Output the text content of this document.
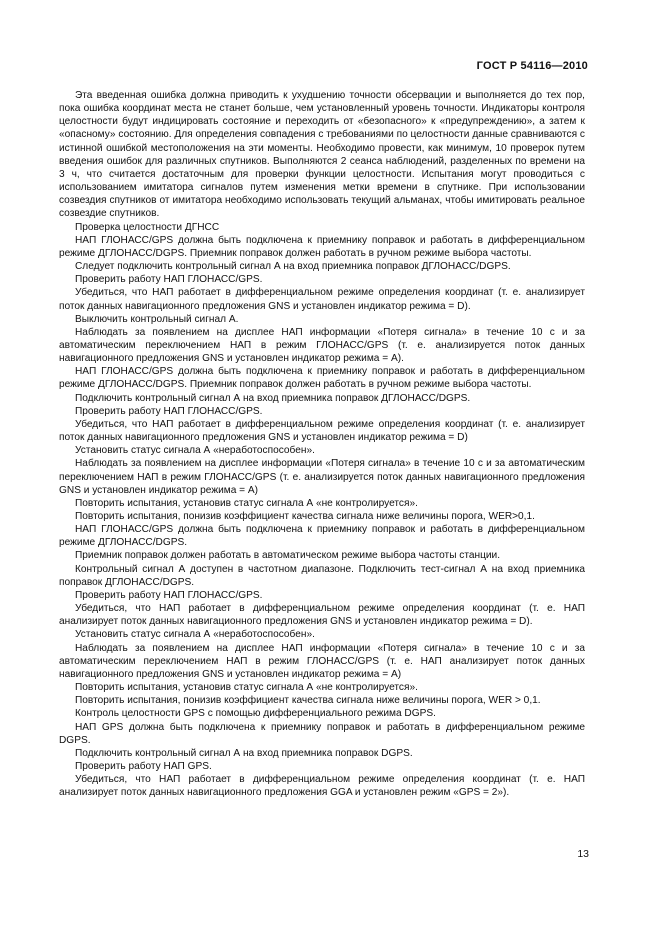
ГОСТ Р 54116—2010

Эта введенная ошибка должна приводить к ухудшению точности обсервации и выполняется до тех пор, пока ошибка координат места не станет больше, чем установленный уровень точности. Индикаторы контроля целостности будут индицировать состояние и переходить от «безопасного» к «предупреждению», а затем к «опасному» состоянию. Для определения совпадения с требованиями по целостности данные сравниваются с истинной ошибкой местоположения на эти моменты. Необходимо провести, как минимум, 10 проверок путем введения ошибок для различных спутников. Выполняются 2 сеанса наблюдений, разделенных по времени на 3 ч, что считается достаточным для проверки функции целостности. Испытания могут проводиться с использованием имитатора сигналов путем изменения метки времени в спутнике. При использовании созвездия спутников от имитатора необходимо использовать текущий альманах, чтобы имитировать реальное созвездие спутников.

Проверка целостности ДГНСС

НАП ГЛОНАСС/GPS должна быть подключена к приемнику поправок и работать в дифференциальном режиме ДГЛОНАСС/DGPS. Приемник поправок должен работать в ручном режиме выбора частоты.

Следует подключить контрольный сигнал А на вход приемника поправок ДГЛОНАСС/DGPS.

Проверить работу НАП ГЛОНАСС/GPS.

Убедиться, что НАП работает в дифференциальном режиме определения координат (т. е. анализирует поток данных навигационного предложения GNS и установлен индикатор режима = D).

Выключить контрольный сигнал А.

Наблюдать за появлением на дисплее НАП информации «Потеря сигнала» в течение 10 с и за автоматическим переключением НАП в режим ГЛОНАСС/GPS (т. е. анализируется поток данных навигационного предложения GNS и установлен индикатор режима = А).

НАП ГЛОНАСС/GPS должна быть подключена к приемнику поправок и работать в дифференциальном режиме ДГЛОНАСС/DGPS. Приемник поправок должен работать в ручном режиме выбора частоты.

Подключить контрольный сигнал А на вход приемника поправок ДГЛОНАСС/DGPS.

Проверить работу НАП ГЛОНАСС/GPS.

Убедиться, что НАП работает в дифференциальном режиме определения координат (т. е. анализирует поток данных навигационного предложения GNS и установлен индикатор режима = D)

Установить статус сигнала А «неработоспособен».

Наблюдать за появлением на дисплее информации «Потеря сигнала» в течение 10 с и за автоматическим переключением НАП в режим ГЛОНАСС/GPS (т. е. анализируется поток данных навигационного предложения GNS и установлен индикатор режима = А)

Повторить испытания, установив статус сигнала А «не контролируется».

Повторить испытания, понизив коэффициент качества сигнала ниже величины порога, WER>0,1.

НАП ГЛОНАСС/GPS должна быть подключена к приемнику поправок и работать в дифференциальном режиме ДГЛОНАСС/DGPS.

Приемник поправок должен работать в автоматическом режиме выбора частоты станции.

Контрольный сигнал А доступен в частотном диапазоне. Подключить тест-сигнал А на вход приемника поправок ДГЛОНАСС/DGPS.

Проверить работу НАП ГЛОНАСС/GPS.

Убедиться, что НАП работает в дифференциальном режиме определения координат (т. е. НАП анализирует поток данных навигационного предложения GNS и установлен индикатор режима = D).

Установить статус сигнала А «неработоспособен».

Наблюдать за появлением на дисплее НАП информации «Потеря сигнала» в течение 10 с и за автоматическим переключением НАП в режим ГЛОНАСС/GPS (т. е. НАП анализирует поток данных навигационного предложения GNS и установлен индикатор режима = А)

Повторить испытания, установив статус сигнала А «не контролируется».

Повторить испытания, понизив коэффициент качества сигнала ниже величины порога, WER > 0,1.

Контроль целостности GPS с помощью дифференциального режима DGPS.

НАП GPS должна быть подключена к приемнику поправок и работать в дифференциальном режиме DGPS.

Подключить контрольный сигнал А на вход приемника поправок DGPS.

Проверить работу НАП GPS.

Убедиться, что НАП работает в дифференциальном режиме определения координат (т. е. НАП анализирует поток данных навигационного предложения GGA и установлен режим «GPS = 2»).

13
